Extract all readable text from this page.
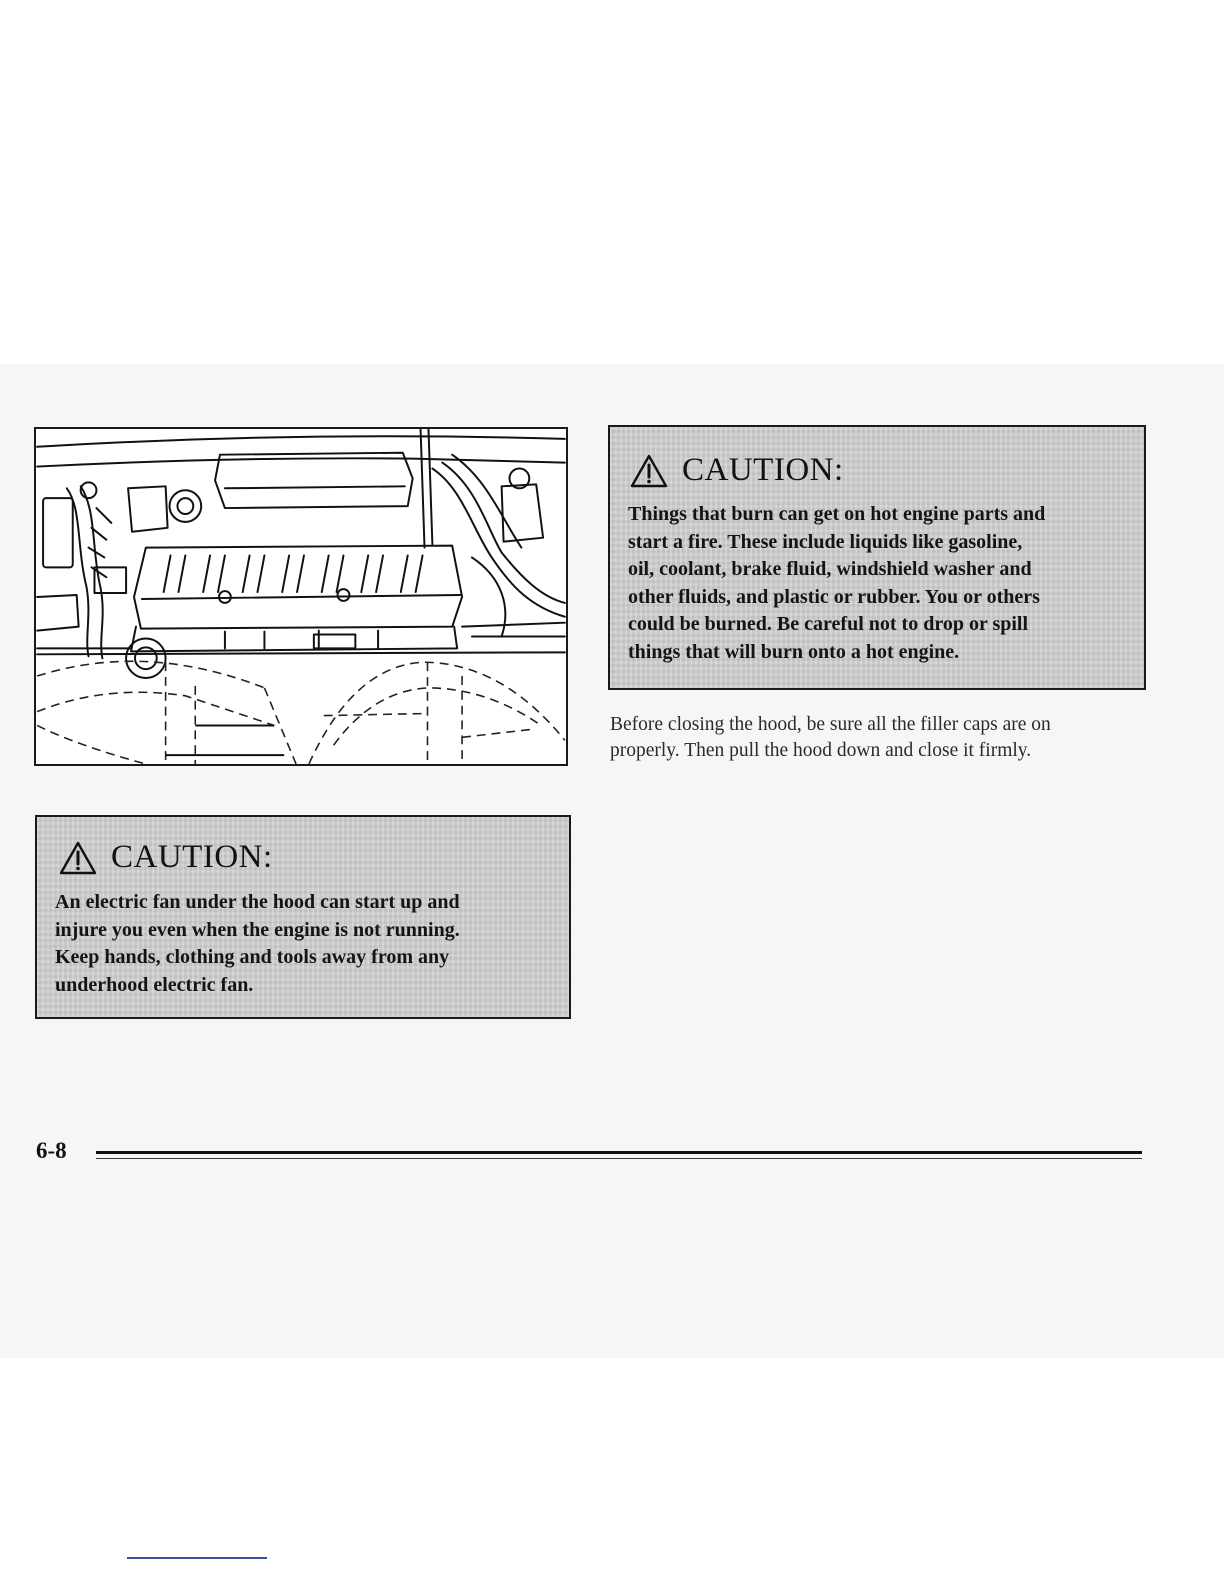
CAUTION:
Things that burn can get on hot engine parts and
start a fire. These include liquids like gasoline,
oil, coolant, brake fluid, windshield washer and
other fluids, and plastic or rubber. You or others
could be burned. Be careful not to drop or spill
things that will burn onto a hot engine.
Before closing the hood, be sure all the filler caps are on
properly. Then pull the hood down and close it firmly.
CAUTION:
An electric fan under the hood can start up and
injure you even when the engine is not running.
Keep hands, clothing and tools away from any
underhood electric fan.
6-8
